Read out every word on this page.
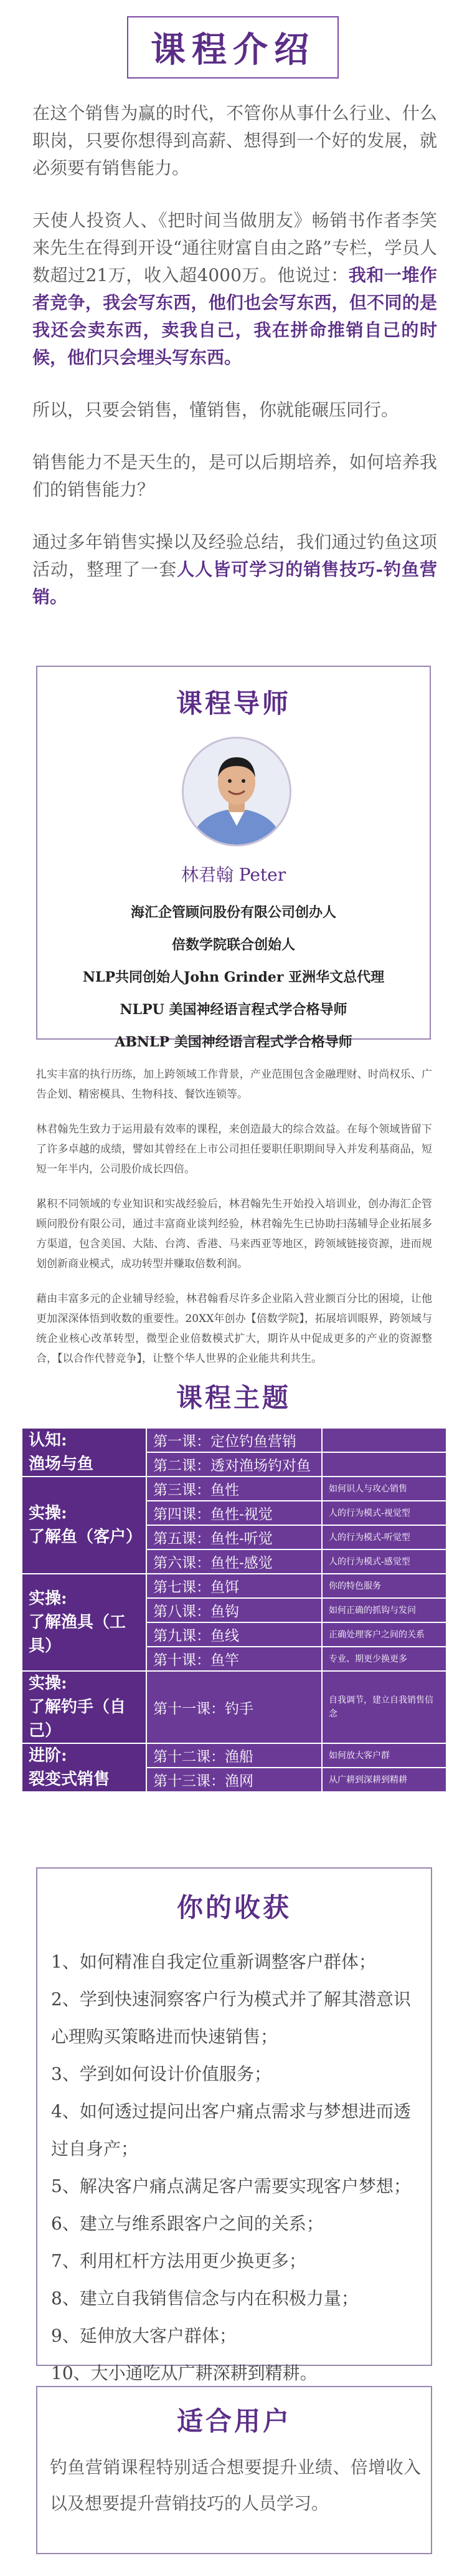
课程介绍

在这个销售为赢的时代，不管你从事什么行业、什么职岗，只要你想得到高薪、想得到一个好的发展，就必须要有销售能力。

天使人投资人、《把时间当做朋友》畅销书作者李笑来先生在得到开设“通往财富自由之路”专栏，学员人数超过21万，收入超4000万。他说过：我和一堆作者竞争，我会写东西，他们也会写东西，但不同的是我还会卖东西，卖我自己，我在拼命推销自己的时候，他们只会埋头写东西。

所以，只要会销售，懂销售，你就能碾压同行。

销售能力不是天生的，是可以后期培养，如何培养我们的销售能力？

通过多年销售实操以及经验总结，我们通过钓鱼这项活动，整理了一套人人皆可学习的销售技巧-钓鱼营销。

课程导师
林君翰 Peter
海汇企管顾问股份有限公司创办人
倍数学院联合创始人
NLP共同创始人John Grinder 亚洲华文总代理
NLPU 美国神经语言程式学合格导师
ABNLP 美国神经语言程式学合格导师

扎实丰富的执行历练，加上跨领域工作背景，产业范围包含金融理财、时尚权乐、广告企划、精密模具、生物科技、餐饮连锁等。

林君翰先生致力于运用最有效率的课程，来创造最大的综合效益。在每个领域皆留下了许多卓越的成绩，譬如其曾经在上市公司担任要职任职期间导入并发利基商品，短短一年半内，公司股价成长四倍。

累积不同领域的专业知识和实战经验后，林君翰先生开始投入培训业，创办海汇企管顾问股份有限公司，通过丰富商业谈判经验，林君翰先生已协助扫荡辅导企业拓展多方渠道，包含美国、大陆、台湾、香港、马来西亚等地区，跨领域链接资源，进而规划创新商业模式，成功转型并赚取倍数利润。

藉由丰富多元的企业辅导经验，林君翰看尽许多企业陷入营业额百分比的困境，让他更加深深体悟到收数的重要性。20XX年创办【倍数学院】，拓展培训眼界，跨领域与统企业核心改革转型，微型企业倍数模式扩大，期许从中促成更多的产业的资源整合，【以合作代替竞争】，让整个华人世界的企业能共利共生。

课程主题
认知:
渔场与鱼	第一课：定位钓鱼营销	
	第二课：透对渔场钓对鱼	
实操:
了解鱼（客户）	第三课：鱼性	如何识人与攻心销售
	第四课：鱼性-视觉	人的行为模式-视觉型
	第五课：鱼性-听觉	人的行为模式-听觉型
	第六课：鱼性-感觉	人的行为模式-感觉型
实操:
了解渔具（工具）	第七课：鱼饵	你的特色服务
	第八课：鱼钩	如何正确的抓钩与发问
	第九课：鱼线	正确处理客户之间的关系
	第十课：鱼竿	专业、期更少换更多
实操:
了解钓手（自己）	第十一课：钓手	自我调节，建立自我销售信念
进阶:
裂变式销售	第十二课：渔船	如何放大客户群
	第十三课：渔网	从广耕到深耕到精耕
你的收获

1、如何精准自我定位重新调整客户群体；

2、学到快速洞察客户行为模式并了解其潜意识心理购买策略进而快速销售；

3、学到如何设计价值服务；

4、如何透过提问出客户痛点需求与梦想进而透过自身产；

5、解决客户痛点满足客户需要实现客户梦想；

6、建立与维系跟客户之间的关系；

7、利用杠杆方法用更少换更多；

8、建立自我销售信念与内在积极力量；

9、延伸放大客户群体；

10、大小通吃从广耕深耕到精耕。

适合用户
钓鱼营销课程特别适合想要提升业绩、倍增收入以及想要提升营销技巧的人员学习。
